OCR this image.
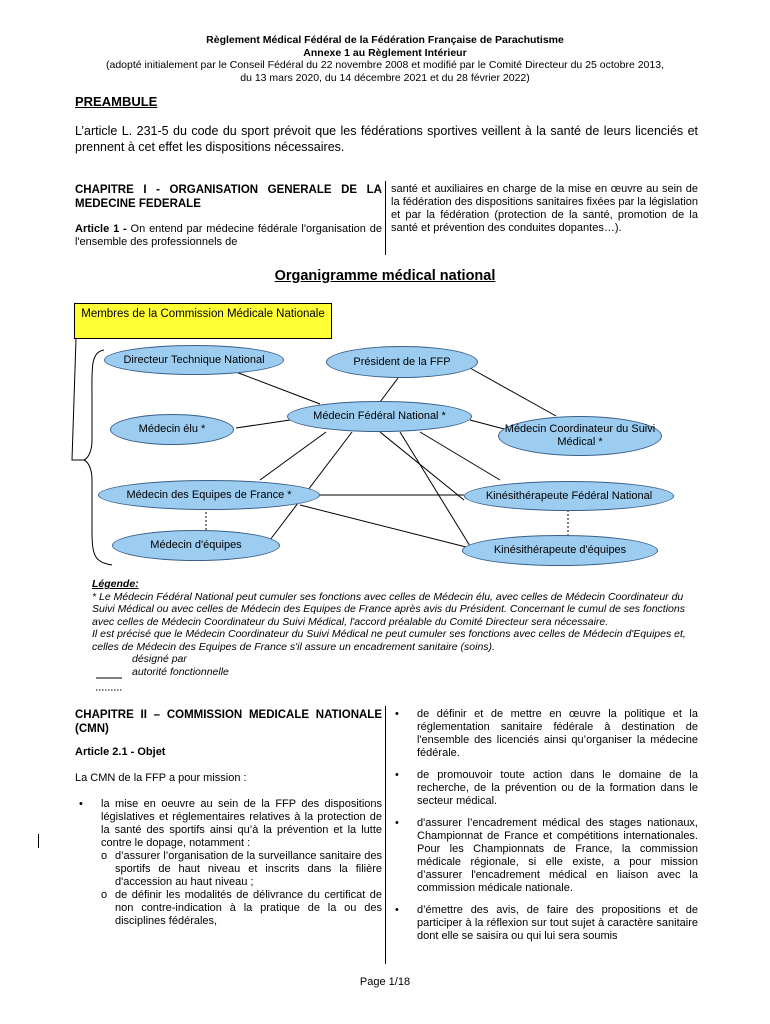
Règlement Médical Fédéral de la Fédération Française de Parachutisme
Annexe 1 au Règlement Intérieur
(adopté initialement par le Conseil Fédéral du 22 novembre 2008 et modifié par le Comité Directeur du 25 octobre 2013,
du 13 mars 2020, du 14 décembre 2021 et du 28 février 2022)
PREAMBULE
L’article L. 231-5 du code du sport prévoit que les fédérations sportives veillent à la santé de leurs licenciés et prennent à cet effet les dispositions nécessaires.
CHAPITRE I - ORGANISATION GENERALE DE LA MEDECINE FEDERALE
Article 1 - On entend par médecine fédérale l'organisation de l'ensemble des professionnels de
santé et auxiliaires en charge de la mise en œuvre au sein de la fédération des dispositions sanitaires fixées par la législation et par la fédération (protection de la santé, promotion de la santé et prévention des conduites dopantes…).
Organigramme médical national
Membres de la Commission Médicale Nationale
Directeur Technique National	Président de la FFP
Médecin Fédéral National *
Médecin élu *	Médecin Coordinateur du Suivi Médical *
Médecin des Equipes de France *	Kinésithérapeute Fédéral National
Médecin d'équipes	Kinésithérapeute d'équipes
Légende:
* Le Médecin Fédéral National peut cumuler ses fonctions avec celles de Médecin élu, avec celles de Médecin Coordinateur du Suivi Médical ou avec celles de Médecin des Equipes de France après avis du Président. Concernant le cumul de ses fonctions avec celles de Médecin Coordinateur du Suivi Médical, l'accord préalable du Comité Directeur sera nécessaire.
Il est précisé que le Médecin Coordinateur du Suivi Médical ne peut cumuler ses fonctions avec celles de Médecin d'Equipes et, celles de Médecin des Equipes de France s'il assure un encadrement sanitaire (soins).
désigné par
autorité fonctionnelle
CHAPITRE II – COMMISSION MEDICALE NATIONALE (CMN)
Article 2.1 - Objet
La CMN de la FFP a pour mission :
• la mise en oeuvre au sein de la FFP des dispositions législatives et réglementaires relatives à la protection de la santé des sportifs ainsi qu’à la prévention et la lutte contre le dopage, notamment :
o d’assurer l’organisation de la surveillance sanitaire des sportifs de haut niveau et inscrits dans la filière d'accession au haut niveau ;
o de définir les modalités de délivrance du certificat de non contre-indication à la pratique de la ou des disciplines fédérales,
• de définir et de mettre en œuvre la politique et la réglementation sanitaire fédérale à destination de l'ensemble des licenciés ainsi qu’organiser la médecine fédérale.
• de promouvoir toute action dans le domaine de la recherche, de la prévention ou de la formation dans le secteur médical.
• d'assurer l’encadrement médical des stages nationaux, Championnat de France et compétitions internationales. Pour les Championnats de France, la commission médicale régionale, si elle existe, a pour mission d’assurer l'encadrement médical en liaison avec la commission médicale nationale.
• d’émettre des avis, de faire des propositions et de participer à la réflexion sur tout sujet à caractère sanitaire dont elle se saisira ou qui lui sera soumis
Page 1/18
